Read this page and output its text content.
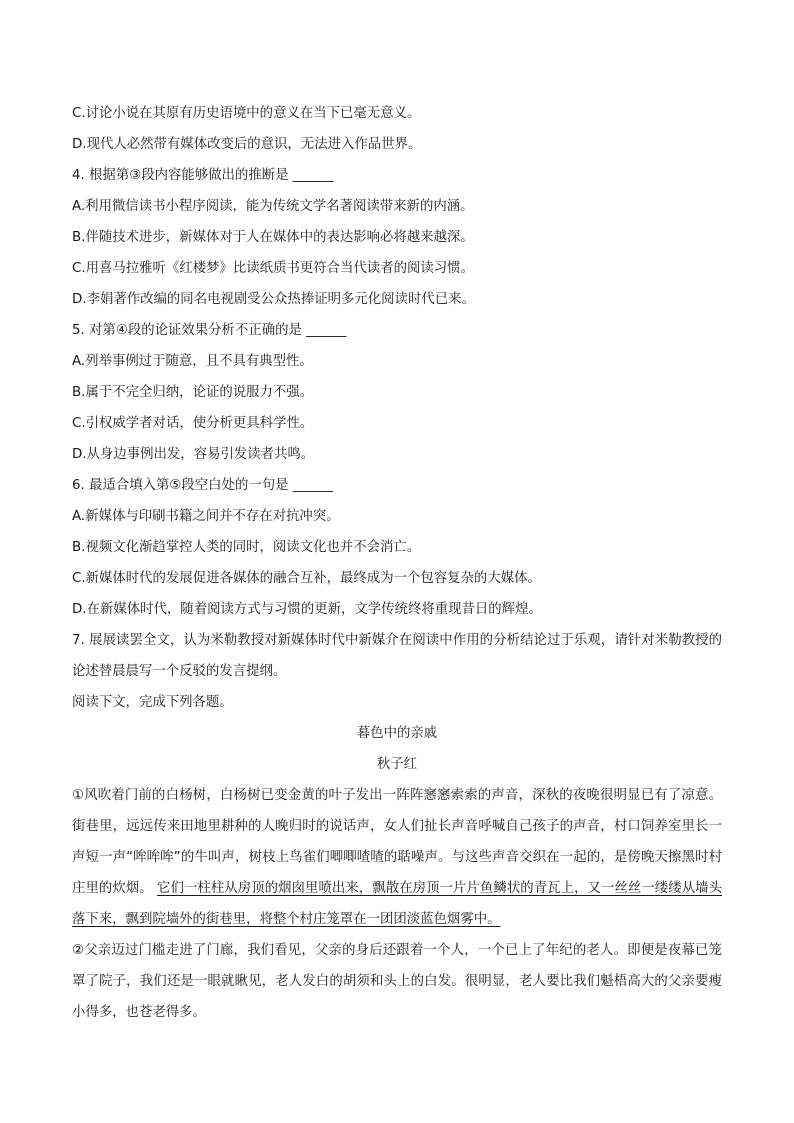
C.讨论小说在其原有历史语境中的意义在当下已毫无意义。

D.现代人必然带有媒体改变后的意识，无法进入作品世界。

4. 根据第③段内容能够做出的推断是 ______

A.利用微信读书小程序阅读，能为传统文学名著阅读带来新的内涵。

B.伴随技术进步，新媒体对于人在媒体中的表达影响必将越来越深。

C.用喜马拉雅听《红楼梦》比读纸质书更符合当代读者的阅读习惯。

D.李娟著作改编的同名电视剧受公众热捧证明多元化阅读时代已来。

5. 对第④段的论证效果分析不正确的是 ______

A.列举事例过于随意，且不具有典型性。

B.属于不完全归纳，论证的说服力不强。

C.引权威学者对话，使分析更具科学性。

D.从身边事例出发，容易引发读者共鸣。

6. 最适合填入第⑤段空白处的一句是 ______

A.新媒体与印刷书籍之间并不存在对抗冲突。

B.视频文化渐趋掌控人类的同时，阅读文化也并不会消亡。

C.新媒体时代的发展促进各媒体的融合互补，最终成为一个包容复杂的大媒体。

D.在新媒体时代，随着阅读方式与习惯的更新，文学传统终将重现昔日的辉煌。

7. 展展读罢全文，认为米勒教授对新媒体时代中新媒介在阅读中作用的分析结论过于乐观，请针对米勒教授的论述替晨晨写一个反驳的发言提纲。

阅读下文，完成下列各题。

暮色中的亲戚

秋子红

①风吹着门前的白杨树，白杨树已变金黄的叶子发出一阵阵窸窸索索的声音，深秋的夜晚很明显已有了凉意。街巷里，远远传来田地里耕种的人晚归时的说话声，女人们扯长声音呼喊自己孩子的声音，村口饲养室里长一声短一声“哞哞哞”的牛叫声，树枝上鸟雀们唧唧喳喳的聒噪声。与这些声音交织在一起的，是傍晚天擦黑时村庄里的炊烟。 它们一柱柱从房顶的烟囱里喷出来，飘散在房顶一片片鱼鳞状的青瓦上，又一丝丝一缕缕从墙头落下来，飘到院墙外的街巷里，将整个村庄笼罩在一团团淡蓝色烟雾中。

②父亲迈过门槛走进了门廊，我们看见，父亲的身后还跟着一个人，一个已上了年纪的老人。即便是夜幕已笼罩了院子，我们还是一眼就瞅见，老人发白的胡须和头上的白发。很明显，老人要比我们魁梧高大的父亲要瘦小得多，也苍老得多。
